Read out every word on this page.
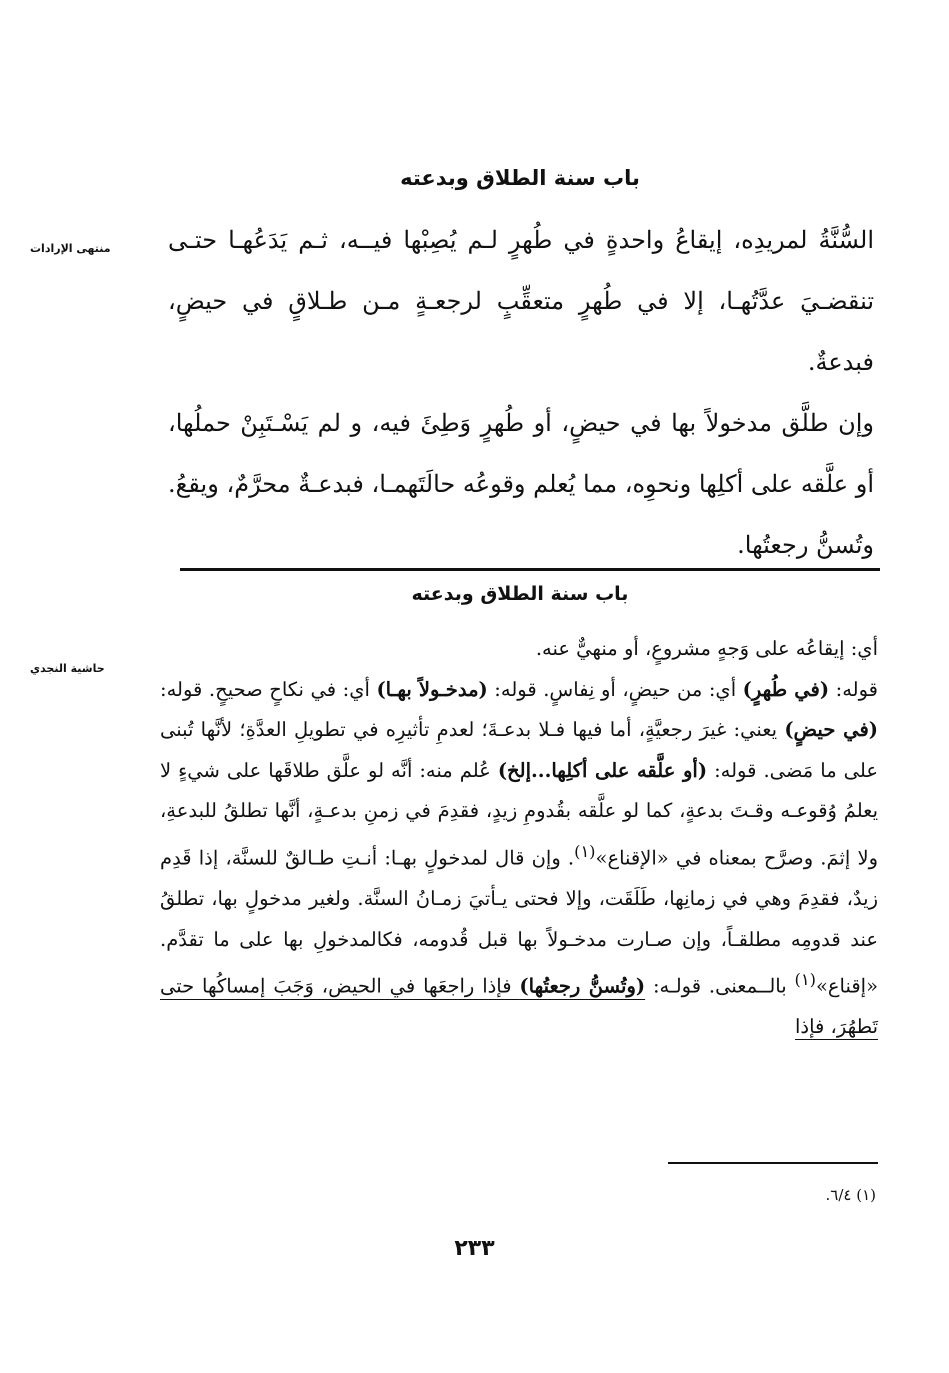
منتهى الإرادات
باب سنة الطلاق وبدعته

السُّنَّةُ لمريدِه، إيقاعُ واحدةٍ في طُهرٍ لـم يُصِبْها فيــه، ثـم يَدَعُهـا حتـى تنقضـيَ عدَّتُهـا، إلا في طُهرٍ متعقِّبٍ لرجعـةٍ مـن طـلاقٍ في حيضٍ، فبدعةٌ.

وإن طلَّق مدخولاً بها في حيضٍ، أو طُهرٍ وَطِئَ فيه، و لم يَسْـتَبِنْ حملُها، أو علَّقه على أكلِها ونحوِه، مما يُعلم وقوعُه حالَتَهمـا، فبدعـةٌ محرَّمٌ، ويقعُ. وتُسنُّ رجعتُها.

باب سنة الطلاق وبدعته
حاشية النجدي

أي: إيقاعُه على وَجهٍ مشروعٍ، أو منهيٌّ عنه.

قوله: (في طُهرٍ) أي: من حيضٍ، أو نِفاسٍ. قوله: (مدخـولاً بهـا) أي: في نكاحٍ صحيحٍ. قوله: (في حيضٍ) يعني: غيرَ رجعيَّةٍ، أما فيها فـلا بدعـةَ؛ لعدمِ تأثيرِه في تطويلِ العدَّةِ؛ لأنَّها تُبنى على ما مَضى. قوله: (أو علَّقه على أكلِها...إلخ) عُلم منه: أنَّه لو علَّق طلاقَها على شيءٍ لا يعلمُ وُقوعـه وقـتَ بدعةٍ، كما لو علَّقه بقُدومِ زيدٍ، فقدِمَ في زمنِ بدعـةٍ، أنَّها تطلقُ للبدعةِ، ولا إثمَ. وصرَّح بمعناه في «الإقناع»$^{(١)}$. وإن قال لمدخولٍ بهـا: أنـتِ طـالقٌ للسنَّة، إذا قَدِم زيدٌ، فقدِمَ وهي في زمانِها، طَلَقَت، وإلا فحتى يـأتيَ زمـانُ السنَّة. ولغير مدخولٍ بها، تطلقُ عند قدومِه مطلقـاً، وإن صـارت مدخـولاً بها قبل قُدومه، فكالمدخولِ بها على ما تقدَّم. «إقناع»$^{(١)}$ بالــمعنى. قولـه: (وتُسنُّ رجعتُها) فإذا راجعَها في الحيض، وَجَبَ إمساكُها حتى تَطهُرَ، فإذا

(١) ٦/٤.
٢٣٣
